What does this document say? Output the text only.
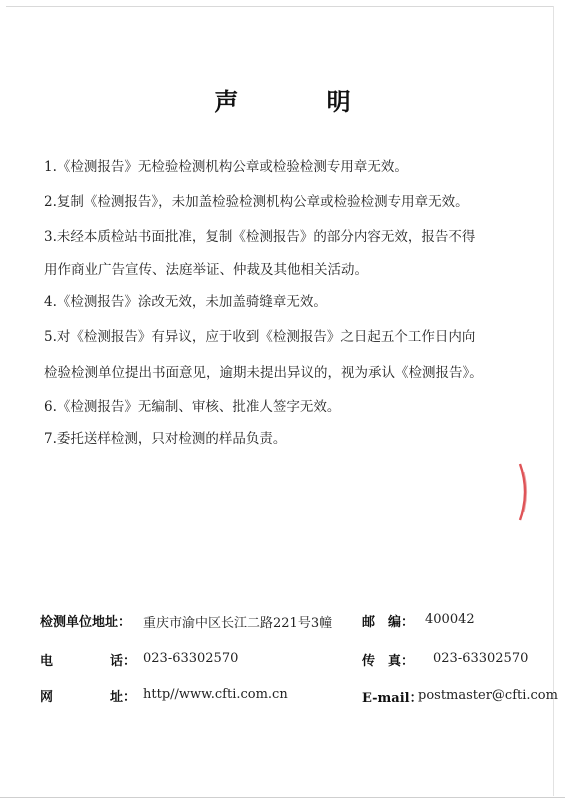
声 明
1.《检测报告》无检验检测机构公章或检验检测专用章无效。
2.复制《检测报告》，未加盖检验检测机构公章或检验检测专用章无效。
3.未经本质检站书面批准，复制《检测报告》的部分内容无效，报告不得
用作商业广告宣传、法庭举证、仲裁及其他相关活动。
4.《检测报告》涂改无效，未加盖骑缝章无效。
5.对《检测报告》有异议，应于收到《检测报告》之日起五个工作日内向
检验检测单位提出书面意见，逾期未提出异议的，视为承认《检测报告》。
6.《检测报告》无编制、审核、批准人签字无效。
7.委托送样检测，只对检测的样品负责。
检测单位地址： 重庆市渝中区长江二路221号3幢 邮　编： 400042
电	话： 023-63302570	传　真： 023-63302570
网	址： http//www.cfti.com.cn	E-mail：
postmaster@cfti.com
